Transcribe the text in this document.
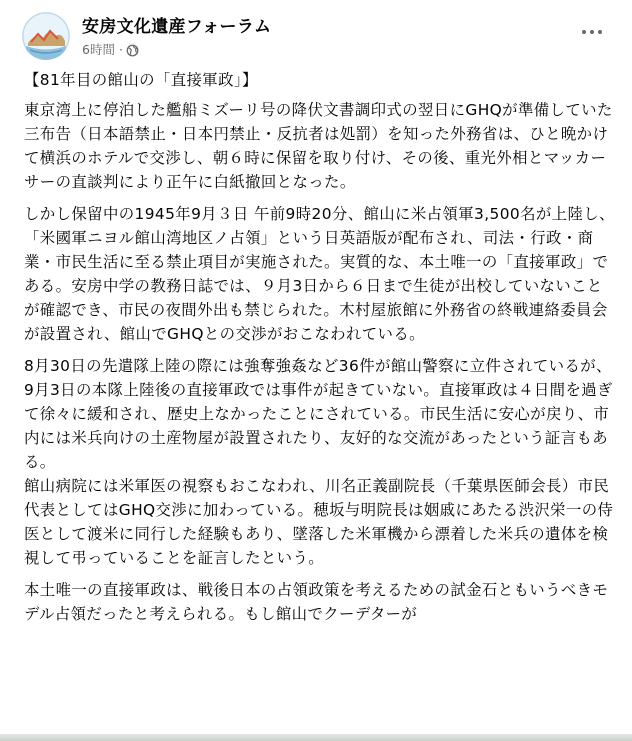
安房文化遺産フォーラム
6時間 ·

【81年目の館山の「直接軍政」】

東京湾上に停泊した艦船ミズーリ号の降伏文書調印式の翌日にGHQが準備していた三布告（日本語禁止・日本円禁止・反抗者は処罰）を知った外務省は、ひと晩かけて横浜のホテルで交渉し、朝６時に保留を取り付け、その後、重光外相とマッカーサーの直談判により正午に白紙撤回となった。

しかし保留中の1945年9月３日 午前9時20分、館山に米占領軍3,500名が上陸し、「米國軍ニヨル館山湾地区ノ占領」という日英語版が配布され、司法・行政・商業・市民生活に至る禁止項目が実施された。実質的な、本土唯一の「直接軍政」である。安房中学の教務日誌では、９月3日から６日まで生徒が出校していないことが確認でき、市民の夜間外出も禁じられた。木村屋旅館に外務省の終戦連絡委員会が設置され、館山でGHQとの交渉がおこなわれている。

8月30日の先遣隊上陸の際には強奪強姦など36件が館山警察に立件されているが、9月3日の本隊上陸後の直接軍政では事件が起きていない。直接軍政は４日間を過ぎて徐々に緩和され、歴史上なかったことにされている。市民生活に安心が戻り、市内には米兵向けの土産物屋が設置されたり、友好的な交流があったという証言もある。
館山病院には米軍医の視察もおこなわれ、川名正義副院長（千葉県医師会長）市民代表としてはGHQ交渉に加わっている。穂坂与明院長は姻戚にあたる渋沢栄一の侍医として渡米に同行した経験もあり、墜落した米軍機から漂着した米兵の遺体を検視して弔っていることを証言したという。

本土唯一の直接軍政は、戦後日本の占領政策を考えるための試金石ともいうべきモデル占領だったと考えられる。もし館山でクーデターが
